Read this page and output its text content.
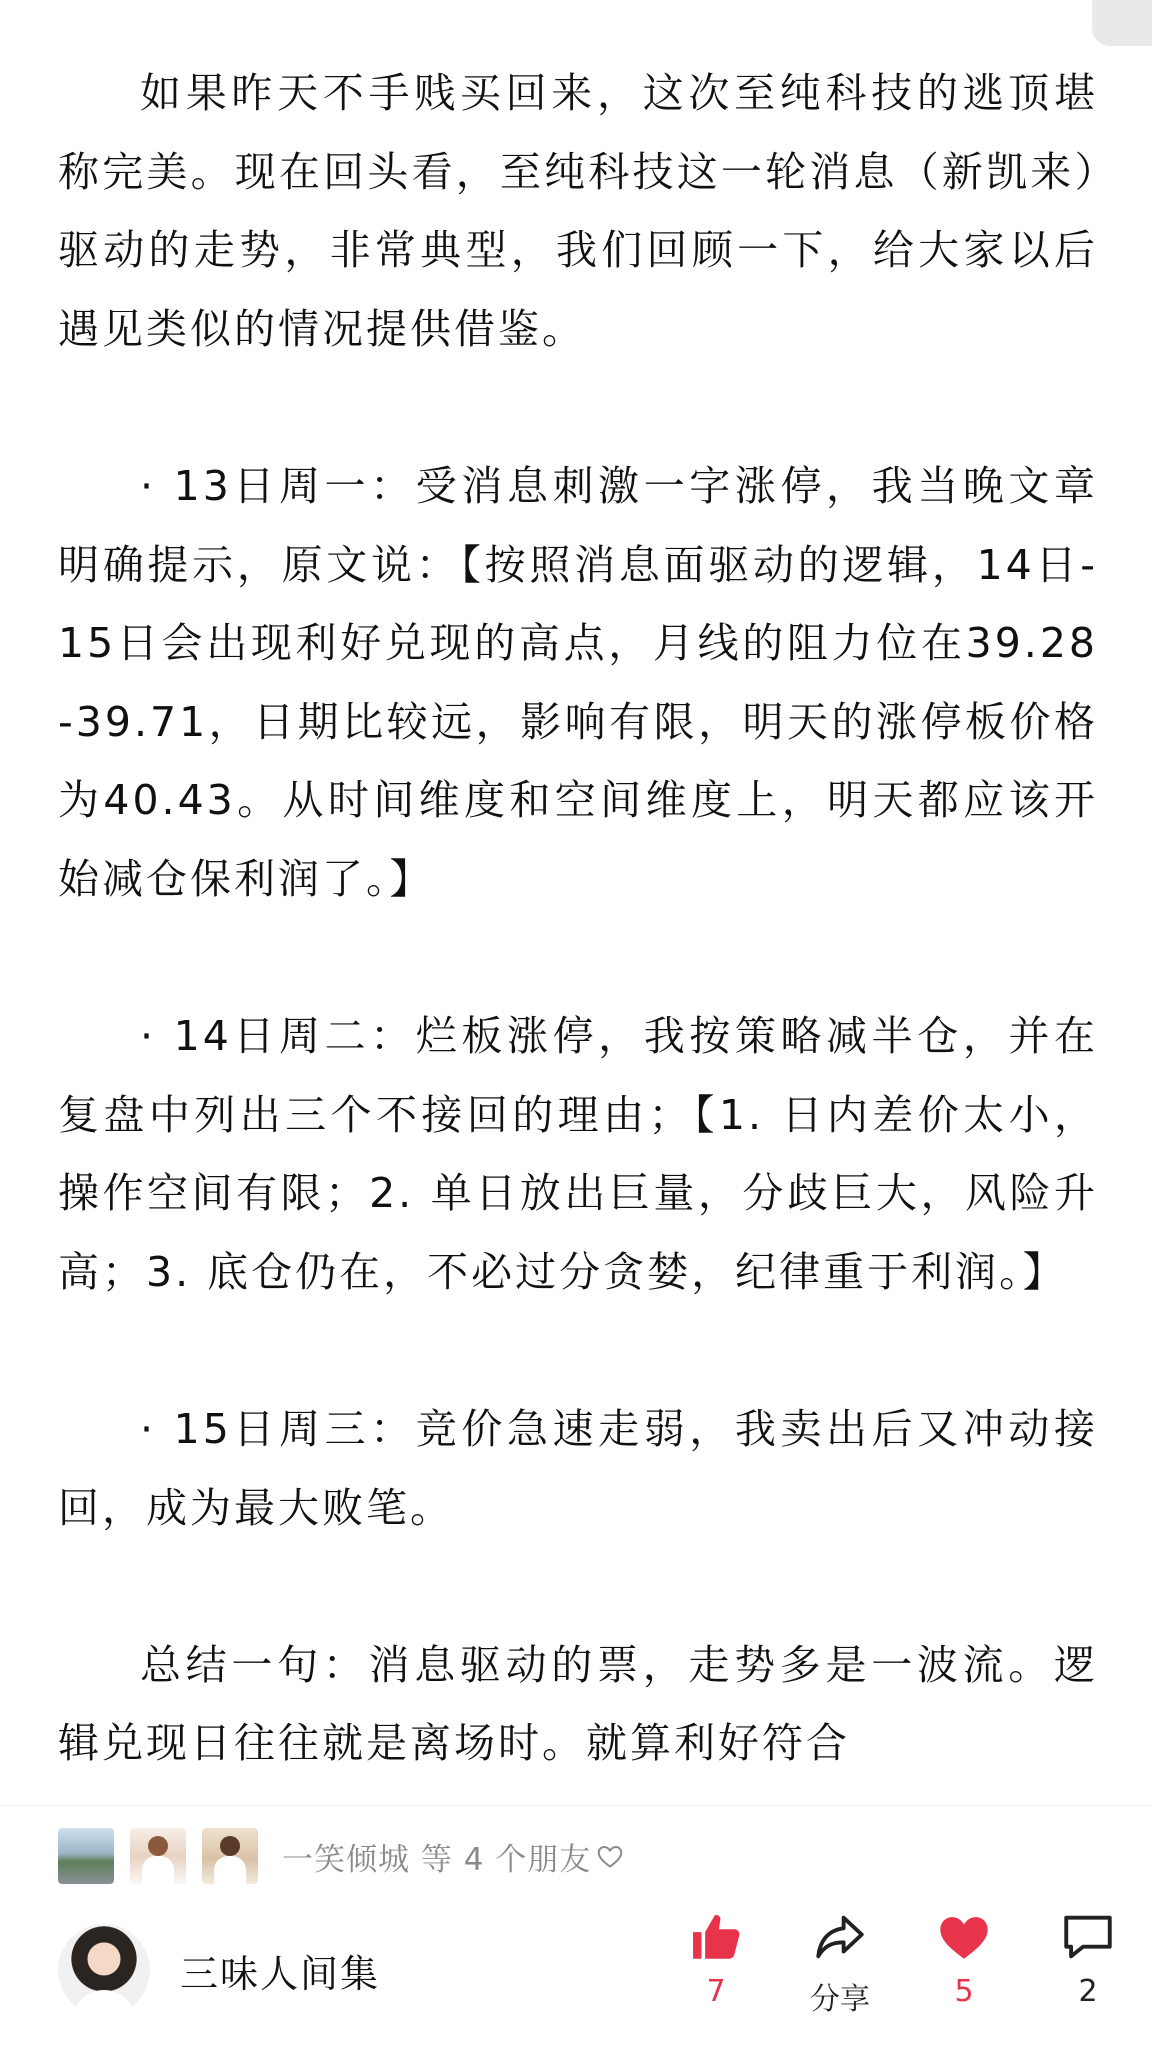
如果昨天不手贱买回来，这次至纯科技的逃顶堪称完美。现在回头看，至纯科技这一轮消息（新凯来）驱动的走势，非常典型，我们回顾一下，给大家以后遇见类似的情况提供借鉴。

· 13日周一：受消息刺激一字涨停，我当晚文章明确提示，原文说：【按照消息面驱动的逻辑，14日-15日会出现利好兑现的高点，月线的阻力位在39.28-39.71，日期比较远，影响有限，明天的涨停板价格为40.43。从时间维度和空间维度上，明天都应该开始减仓保利润了。】

· 14日周二：烂板涨停，我按策略减半仓，并在复盘中列出三个不接回的理由；【1. 日内差价太小，操作空间有限；2. 单日放出巨量，分歧巨大，风险升高；3. 底仓仍在，不必过分贪婪，纪律重于利润。】

· 15日周三：竞价急速走弱，我卖出后又冲动接回，成为最大败笔。

总结一句：消息驱动的票，走势多是一波流。逻辑兑现日往往就是离场时。就算利好符合

一笑倾城 等 4 个朋友
三味人间集	7	分享	5	2
